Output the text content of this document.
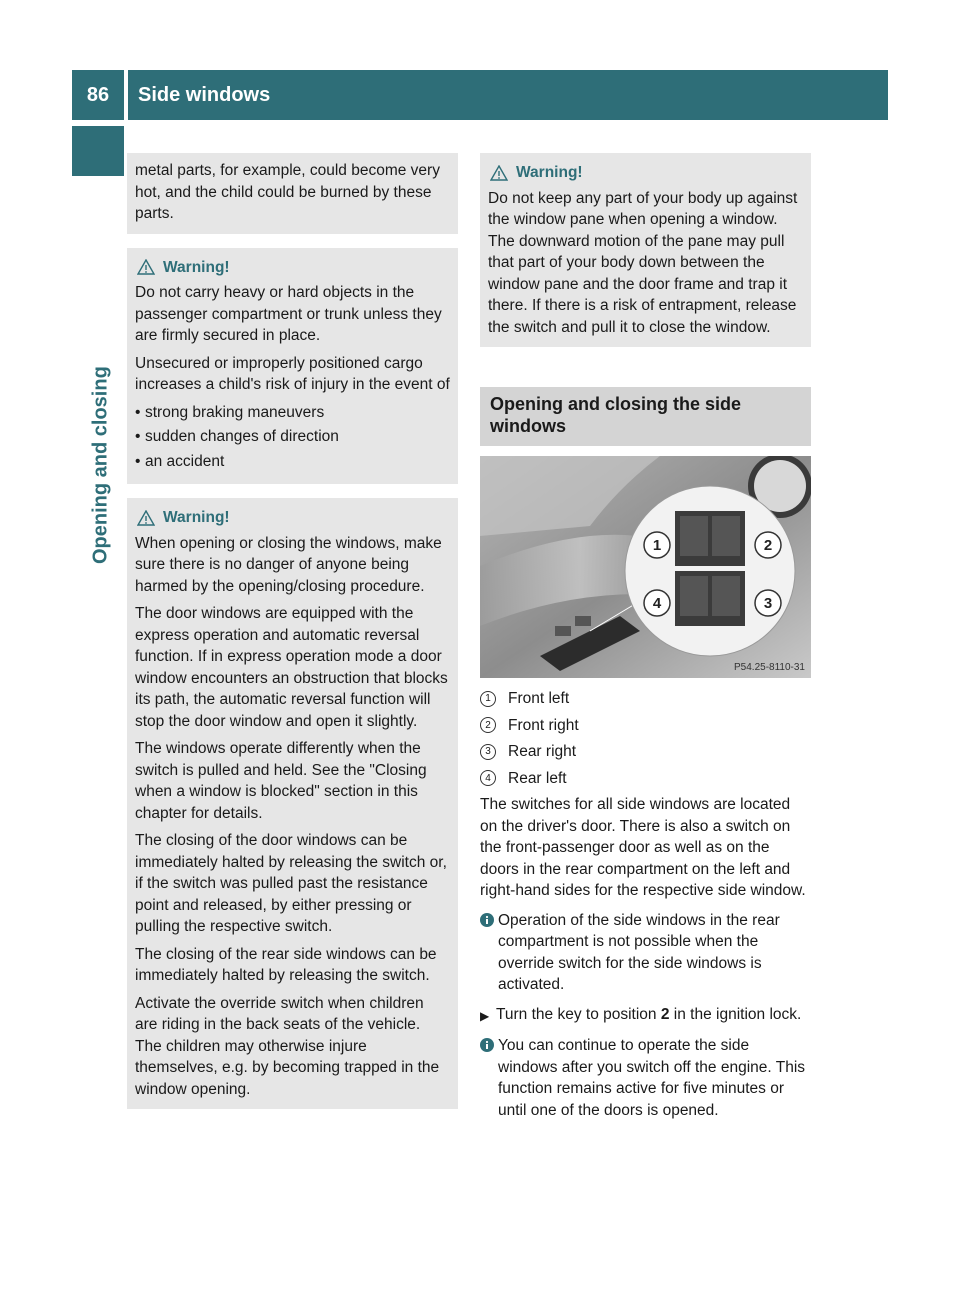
86	Side windows
Opening and closing

metal parts, for example, could become very hot, and the child could be burned by these parts.

Warning!

Do not carry heavy or hard objects in the passenger compartment or trunk unless they are firmly secured in place.

Unsecured or improperly positioned cargo increases a child's risk of injury in the event of

• strong braking maneuvers
• sudden changes of direction
• an accident
Warning!

When opening or closing the windows, make sure there is no danger of anyone being harmed by the opening/closing procedure.

The door windows are equipped with the express operation and automatic reversal function. If in express operation mode a door window encounters an obstruction that blocks its path, the automatic reversal function will stop the door window and open it slightly.

The windows operate differently when the switch is pulled and held. See the "Closing when a window is blocked" section in this chapter for details.

The closing of the door windows can be immediately halted by releasing the switch or, if the switch was pulled past the resistance point and released, by either pressing or pulling the respective switch.

The closing of the rear side windows can be immediately halted by releasing the switch.

Activate the override switch when children are riding in the back seats of the vehicle. The children may otherwise injure themselves, e.g. by becoming trapped in the window opening.

Warning!

Do not keep any part of your body up against the window pane when opening a window. The downward motion of the pane may pull that part of your body down between the window pane and the door frame and trap it there. If there is a risk of entrapment, release the switch and pull it to close the window.

Opening and closing the side windows
1	2
3
4
P54.25-8110-31
1	Front left
2	Front right
3	Rear right
4	Rear left

The switches for all side windows are located on the driver's door. There is also a switch on the front-passenger door as well as on the doors in the rear compartment on the left and right-hand sides for the respective side window.

Operation of the side windows in the rear compartment is not possible when the override switch for the side windows is activated.
▶ Turn the key to position 2 in the ignition lock.
You can continue to operate the side windows after you switch off the engine. This function remains active for five minutes or until one of the doors is opened.
